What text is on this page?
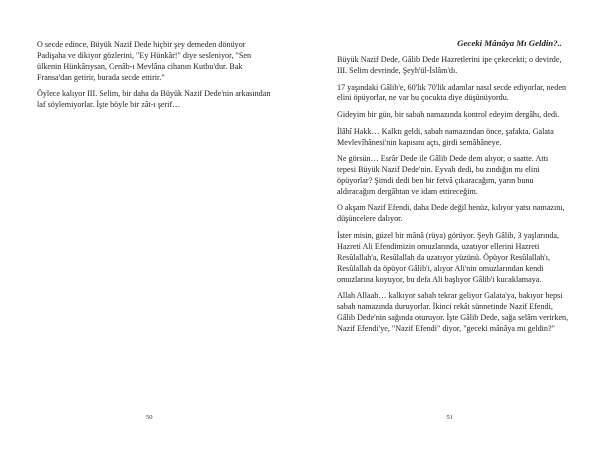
O secde edince, Büyük Nazif Dede hiçbir şey demeden dönüyor Padişaha ve dikiyor gözlerini, "Ey Hünkâr!" diye sesleniyor, "Sen ülkenin Hünkârıysan, Cenâb-ı Mevlâna cihanın Kutbu'dur. Bak Fransa'dan getirir, burada secde ettirir."

Öylece kalıyor III. Selim, bir daha da Büyük Nazif Dede'nin arkasından laf söylemiyorlar. İşte böyle bir zât-ı şerif…

50
Geceki Mânâya Mı Geldin?..

Büyük Nazif Dede, Gâlib Dede Hazretlerini ipe çekecekti; o devirde, III. Selim devrinde, Şeyh'ül-İslâm'dı.

17 yaşındaki Gâlib'e, 60'lık 70'lik adamlar nasıl secde ediyorlar, neden elini öpüyorlar, ne var bu çocukta diye düşünüyordu.

Gideyim bir gün, bir sabah namazında kontrol edeyim dergâhı, dedi.

İlâhî Hakk… Kalktı geldi, sabah namazından önce, şafakta. Galata Mevlevîhânesi'nin kapısını açtı, girdi semâhâneye.

Ne görsün… Esrâr Dede ile Gâlib Dede dem alıyor, o saatte. Attı tepesi Büyük Nazif Dede'nin. Eyvah dedi, bu zındığın mı elini öpüyorlar? Şimdi dedi ben bir fetvâ çıkaracağım, yarın bunu aldıracağım dergâhtan ve idam ettireceğim.

O akşam Nazif Efendi, daha Dede değil henüz, kılıyor yatsı namazını, düşüncelere dalıyor.

İster misin, güzel bir mânâ (rüya) görüyor. Şeyh Gâlib, 3 yaşlarında, Hazreti Ali Efendimizin omuzlarında, uzatıyor ellerini Hazreti Resûlallah'a, Resûlallah da uzatıyor yüzünü. Öpüyor Resûlallah'ı, Resûlallah da öpüyor Gâlib'i, alıyor Ali'nin omuzlarından kendi omuzlarına koyuyor, bu defa Ali başlıyor Gâlib'i kucaklamaya.

Allah Allaah… kalkıyor sabah tekrar geliyor Galata'ya, bakıyor hepsi sabah namazında duruyorlar. İkinci rekât sünnetinde Nazif Efendi, Gâlib Dede'nin sağında oturuyor. İşte Gâlib Dede, sağa selâm verirken, Nazif Efendi'ye, "Nazif Efendi" diyor, "geceki mânâya mı geldin?"

51
